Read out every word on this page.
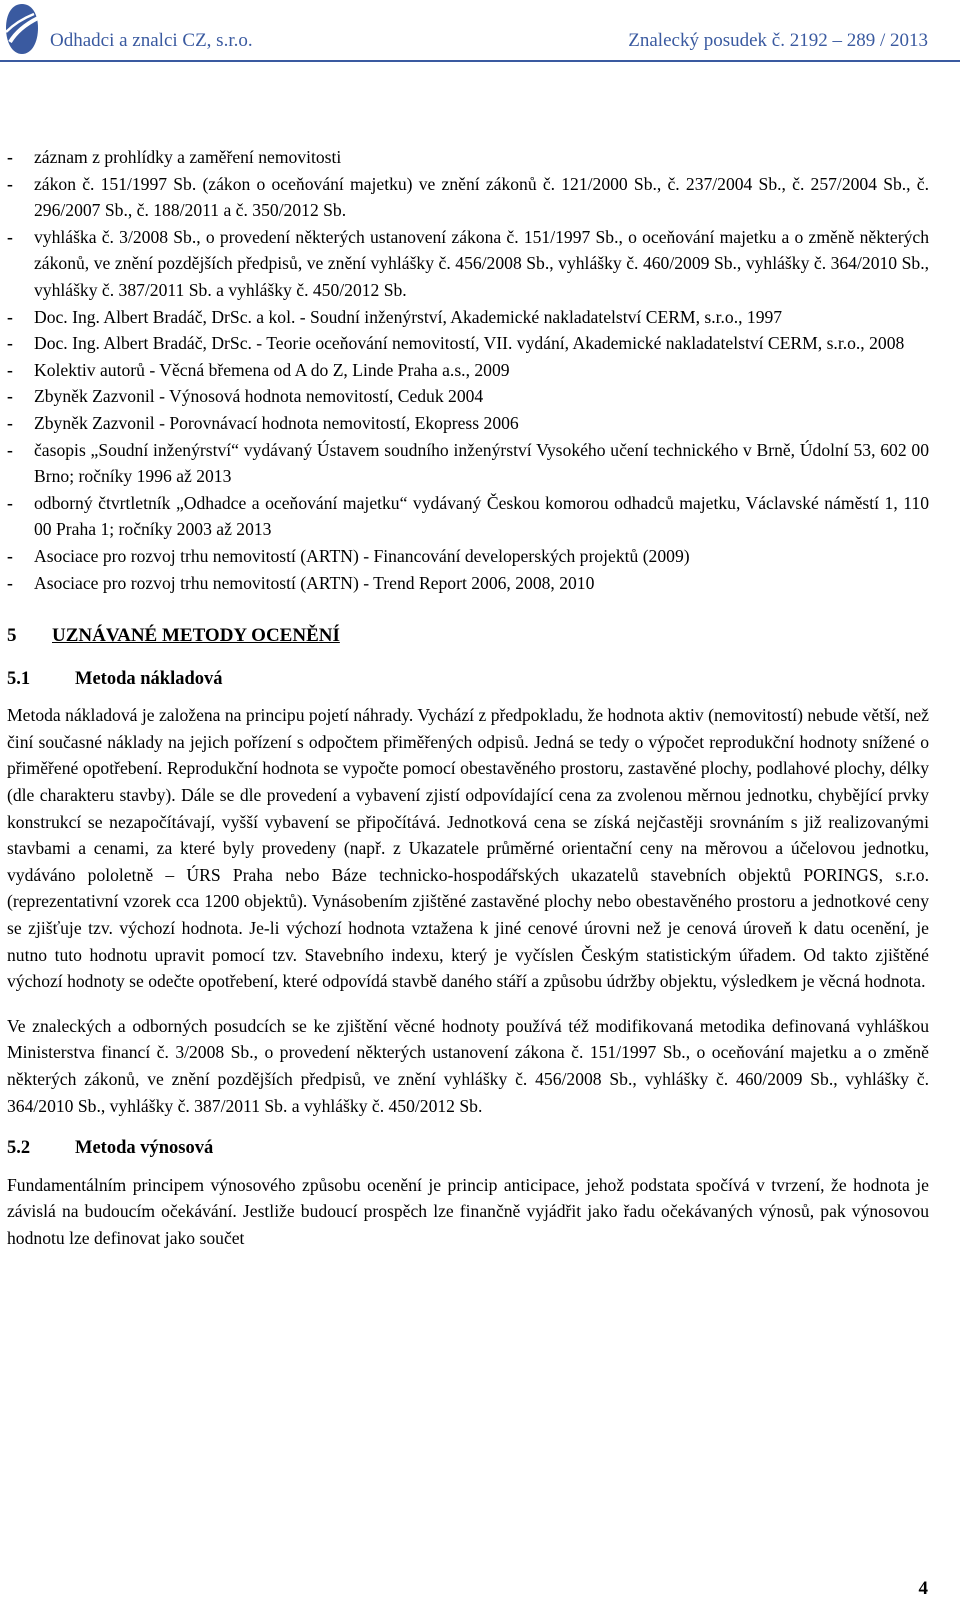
Odhadci a znalci CZ, s.r.o.	Znalecký posudek č. 2192 – 289 / 2013
- záznam z prohlídky a zaměření nemovitosti
- zákon č. 151/1997 Sb. (zákon o oceňování majetku) ve znění zákonů č. 121/2000 Sb., č. 237/2004 Sb., č. 257/2004 Sb., č. 296/2007 Sb., č. 188/2011 a č. 350/2012 Sb.
- vyhláška č. 3/2008 Sb., o provedení některých ustanovení zákona č. 151/1997 Sb., o oceňování majetku a o změně některých zákonů, ve znění pozdějších předpisů, ve znění vyhlášky č. 456/2008 Sb., vyhlášky č. 460/2009 Sb., vyhlášky č. 364/2010 Sb., vyhlášky č. 387/2011 Sb. a vyhlášky č. 450/2012 Sb.
- Doc. Ing. Albert Bradáč, DrSc. a kol. - Soudní inženýrství, Akademické nakladatelství CERM, s.r.o., 1997
- Doc. Ing. Albert Bradáč, DrSc. - Teorie oceňování nemovitostí, VII. vydání, Akademické nakladatelství CERM, s.r.o., 2008
- Kolektiv autorů - Věcná břemena od A do Z, Linde Praha a.s., 2009
- Zbyněk Zazvonil - Výnosová hodnota nemovitostí, Ceduk 2004
- Zbyněk Zazvonil - Porovnávací hodnota nemovitostí, Ekopress 2006
- časopis „Soudní inženýrství“ vydávaný Ústavem soudního inženýrství Vysokého učení technického v Brně, Údolní 53, 602 00 Brno; ročníky 1996 až 2013
- odborný čtvrtletník „Odhadce a oceňování majetku“ vydávaný Českou komorou odhadců majetku, Václavské náměstí 1, 110 00 Praha 1; ročníky 2003 až 2013
- Asociace pro rozvoj trhu nemovitostí (ARTN) - Financování developerských projektů (2009)
- Asociace pro rozvoj trhu nemovitostí (ARTN) - Trend Report 2006, 2008, 2010
5	UZNÁVANÉ METODY OCENĚNÍ
5.1	Metoda nákladová

Metoda nákladová je založena na principu pojetí náhrady. Vychází z předpokladu, že hodnota aktiv (nemovitostí) nebude větší, než činí současné náklady na jejich pořízení s odpočtem přiměřených odpisů. Jedná se tedy o výpočet reprodukční hodnoty snížené o přiměřené opotřebení. Reprodukční hodnota se vypočte pomocí obestavěného prostoru, zastavěné plochy, podlahové plochy, délky (dle charakteru stavby). Dále se dle provedení a vybavení zjistí odpovídající cena za zvolenou měrnou jednotku, chybějící prvky konstrukcí se nezapočítávají, vyšší vybavení se připočítává. Jednotková cena se získá nejčastěji srovnáním s již realizovanými stavbami a cenami, za které byly provedeny (např. z Ukazatele průměrné orientační ceny na měrovou a účelovou jednotku, vydáváno pololetně – ÚRS Praha nebo Báze technicko-hospodářských ukazatelů stavebních objektů PORINGS, s.r.o. (reprezentativní vzorek cca 1200 objektů). Vynásobením zjištěné zastavěné plochy nebo obestavěného prostoru a jednotkové ceny se zjišťuje tzv. výchozí hodnota. Je-li výchozí hodnota vztažena k jiné cenové úrovni než je cenová úroveň k datu ocenění, je nutno tuto hodnotu upravit pomocí tzv. Stavebního indexu, který je vyčíslen Českým statistickým úřadem. Od takto zjištěné výchozí hodnoty se odečte opotřebení, které odpovídá stavbě daného stáří a způsobu údržby objektu, výsledkem je věcná hodnota.

Ve znaleckých a odborných posudcích se ke zjištění věcné hodnoty používá též modifikovaná metodika definovaná vyhláškou Ministerstva financí č. 3/2008 Sb., o provedení některých ustanovení zákona č. 151/1997 Sb., o oceňování majetku a o změně některých zákonů, ve znění pozdějších předpisů, ve znění vyhlášky č. 456/2008 Sb., vyhlášky č. 460/2009 Sb., vyhlášky č. 364/2010 Sb., vyhlášky č. 387/2011 Sb. a vyhlášky č. 450/2012 Sb.

5.2	Metoda výnosová

Fundamentálním principem výnosového způsobu ocenění je princip anticipace, jehož podstata spočívá v tvrzení, že hodnota je závislá na budoucím očekávání. Jestliže budoucí prospěch lze finančně vyjádřit jako řadu očekávaných výnosů, pak výnosovou hodnotu lze definovat jako součet

4
